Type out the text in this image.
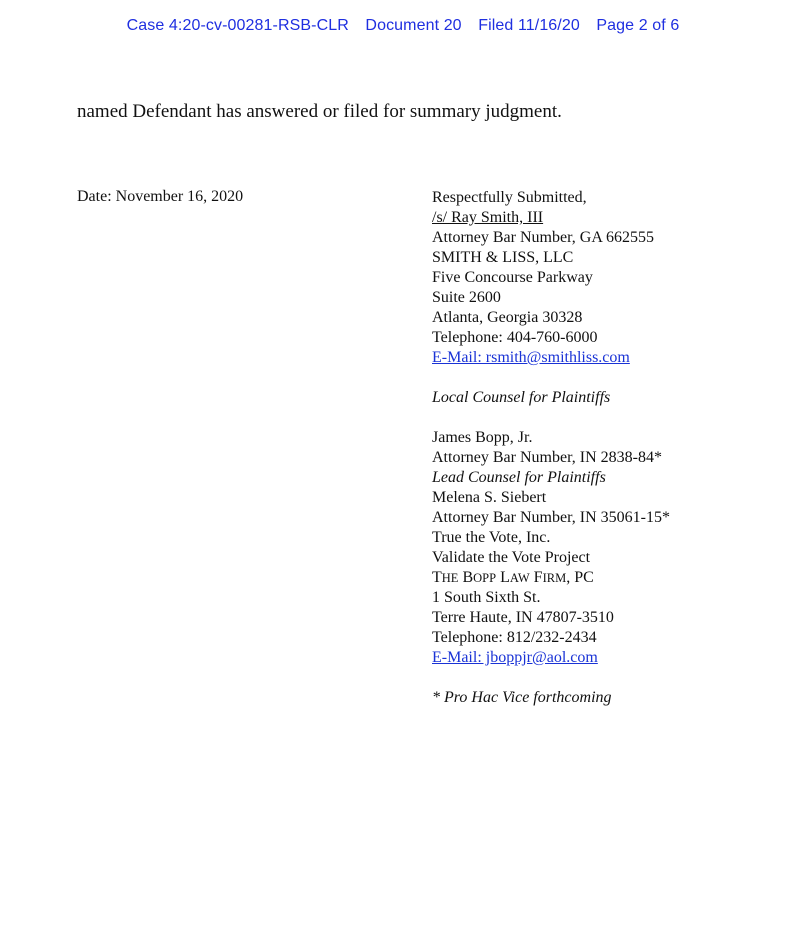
Case 4:20-cv-00281-RSB-CLR Document 20 Filed 11/16/20 Page 2 of 6
named Defendant has answered or filed for summary judgment.
Date: November 16, 2020	Respectfully Submitted,
/s/ Ray Smith, III
Attorney Bar Number, GA 662555
SMITH & LISS, LLC
Five Concourse Parkway
Suite 2600
Atlanta, Georgia 30328
Telephone: 404-760-6000
E-Mail: rsmith@smithliss.com
Local Counsel for Plaintiffs
James Bopp, Jr.
Attorney Bar Number, IN 2838-84*
Lead Counsel for Plaintiffs
Melena S. Siebert
Attorney Bar Number, IN 35061-15*
True the Vote, Inc.
Validate the Vote Project
THE BOPP LAW FIRM, PC
1 South Sixth St.
Terre Haute, IN 47807-3510
Telephone: 812/232-2434
E-Mail: jboppjr@aol.com
* Pro Hac Vice forthcoming
